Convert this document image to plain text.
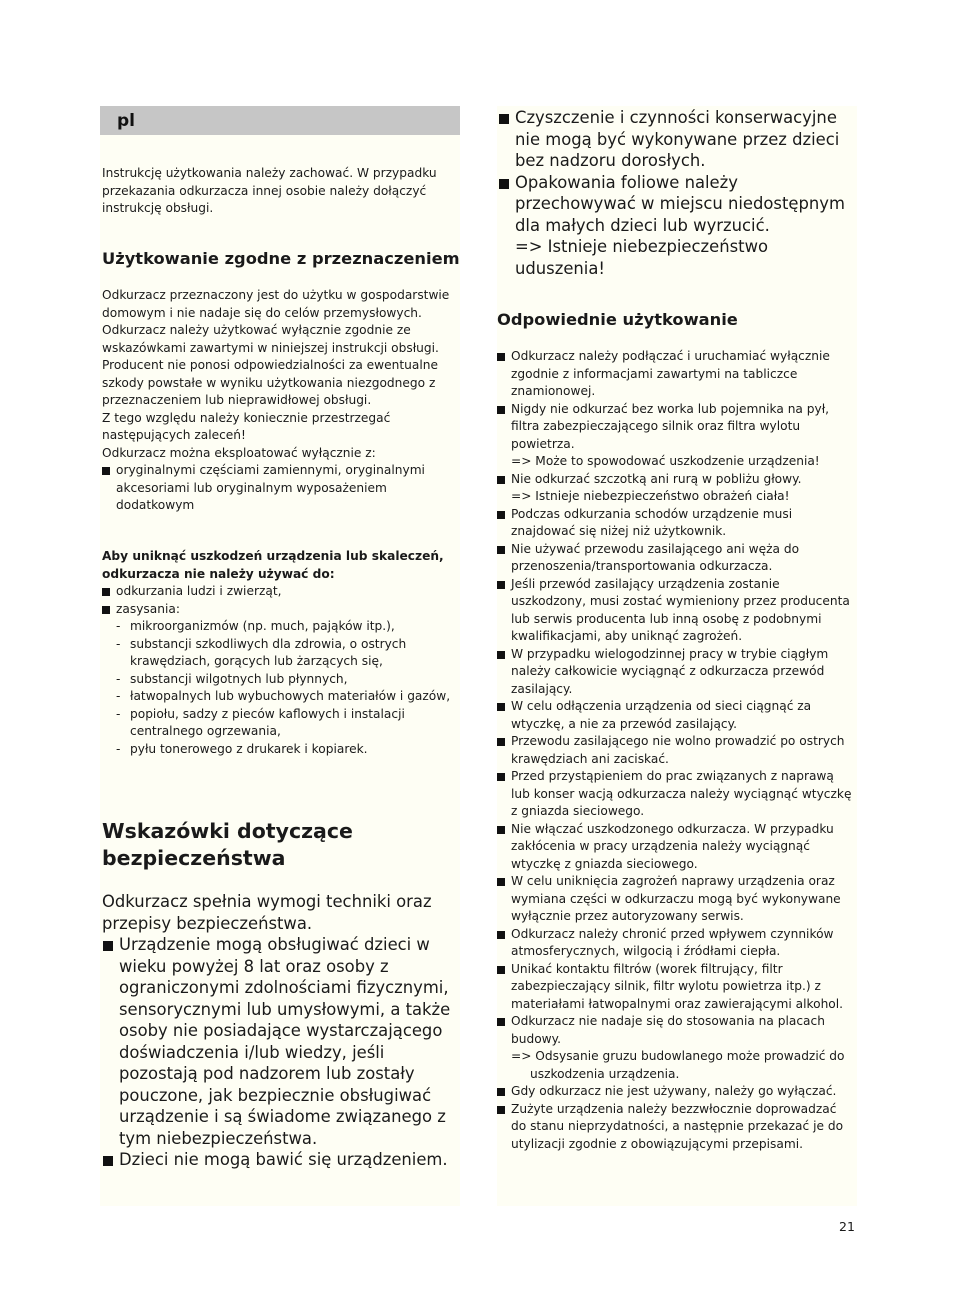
pl

Instrukcję użytkowania należy zachować. W przypadku przekazania odkurzacza innej osobie należy dołączyć instrukcję obsługi.

Użytkowanie zgodne z przeznaczeniem

Odkurzacz przeznaczony jest do użytku w gospodarstwie domowym i nie nadaje się do celów przemysłowych. Odkurzacz należy użytkować wyłącznie zgodnie ze wskazówkami zawartymi w niniejszej instrukcji obsługi. Producent nie ponosi odpowiedzialności za ewentualne szkody powstałe w wyniku użytkowania niezgodnego z przeznaczeniem lub nieprawidłowej obsługi.

Z tego względu należy koniecznie przestrzegać następujących zaleceń!

Odkurzacz można eksploatować wyłącznie z:

oryginalnymi częściami zamiennymi, oryginalnymi akcesoriami lub oryginalnym wyposażeniem dodatkowym

Aby uniknąć uszkodzeń urządzenia lub skaleczeń, odkurzacza nie należy używać do:

odkurzania ludzi i zwierząt,
zasysania:
- mikroorganizmów (np. much, pająków itp.),
- substancji szkodliwych dla zdrowia, o ostrych krawędziach, gorących lub żarzących się,
- substancji wilgotnych lub płynnych,
- łatwopalnych lub wybuchowych materiałów i gazów,
- popiołu, sadzy z pieców kaflowych i instalacji centralnego ogrzewania,
- pyłu tonerowego z drukarek i kopiarek.
Wskazówki dotyczące bezpieczeństwa

Odkurzacz spełnia wymogi techniki oraz przepisy bezpieczeństwa.

Urządzenie mogą obsługiwać dzieci w wieku powyżej 8 lat oraz osoby z ograniczonymi zdolnościami fizycznymi, sensorycznymi lub umysłowymi, a także osoby nie posiadające wystarczającego doświadczenia i/lub wiedzy, jeśli pozostają pod nadzorem lub zostały pouczone, jak bezpiecznie obsługiwać urządzenie i są świadome związanego z tym niebezpieczeństwa.
Dzieci nie mogą bawić się urządzeniem.
Czyszczenie i czynności konserwacyjne nie mogą być wykonywane przez dzieci bez nadzoru dorosłych.
Opakowania foliowe należy przechowywać w miejscu niedostępnym dla małych dzieci lub wyrzucić.
=> Istnieje niebezpieczeństwo uduszenia!
Odpowiednie użytkowanie
Odkurzacz należy podłączać i uruchamiać wyłącznie zgodnie z informacjami zawartymi na tabliczce znamionowej.
Nigdy nie odkurzać bez worka lub pojemnika na pył, filtra zabezpieczającego silnik oraz filtra wylotu powietrza.
=> Może to spowodować uszkodzenie urządzenia!
Nie odkurzać szczotką ani rurą w pobliżu głowy.
=> Istnieje niebezpieczeństwo obrażeń ciała!
Podczas odkurzania schodów urządzenie musi znajdować się niżej niż użytkownik.
Nie używać przewodu zasilającego ani węża do przenoszenia/transportowania odkurzacza.
Jeśli przewód zasilający urządzenia zostanie uszkodzony, musi zostać wymieniony przez producenta lub serwis producenta lub inną osobę z podobnymi kwalifikacjami, aby uniknąć zagrożeń.
W przypadku wielogodzinnej pracy w trybie ciągłym należy całkowicie wyciągnąć z odkurzacza przewód zasilający.
W celu odłączenia urządzenia od sieci ciągnąć za wtyczkę, a nie za przewód zasilający.
Przewodu zasilającego nie wolno prowadzić po ostrych krawędziach ani zaciskać.
Przed przystąpieniem do prac związanych z naprawą lub konser wacją odkurzacza należy wyciągnąć wtyczkę z gniazda sieciowego.
Nie włączać uszkodzonego odkurzacza. W przypadku zakłócenia w pracy urządzenia należy wyciągnąć wtyczkę z gniazda sieciowego.
W celu uniknięcia zagrożeń naprawy urządzenia oraz wymiana części w odkurzaczu mogą być wykonywane wyłącznie przez autoryzowany serwis.
Odkurzacz należy chronić przed wpływem czynników atmosferycznych, wilgocią i źródłami ciepła.
Unikać kontaktu filtrów (worek filtrujący, filtr zabezpieczający silnik, filtr wylotu powietrza itp.) z materiałami łatwopalnymi oraz zawierającymi alkohol.
Odkurzacz nie nadaje się do stosowania na placach budowy.
=> Odsysanie gruzu budowlanego może prowadzić do uszkodzenia urządzenia.
Gdy odkurzacz nie jest używany, należy go wyłączać.
Zużyte urządzenia należy bezzwłocznie doprowadzać do stanu nieprzydatności, a następnie przekazać je do utylizacji zgodnie z obowiązującymi przepisami.
21
